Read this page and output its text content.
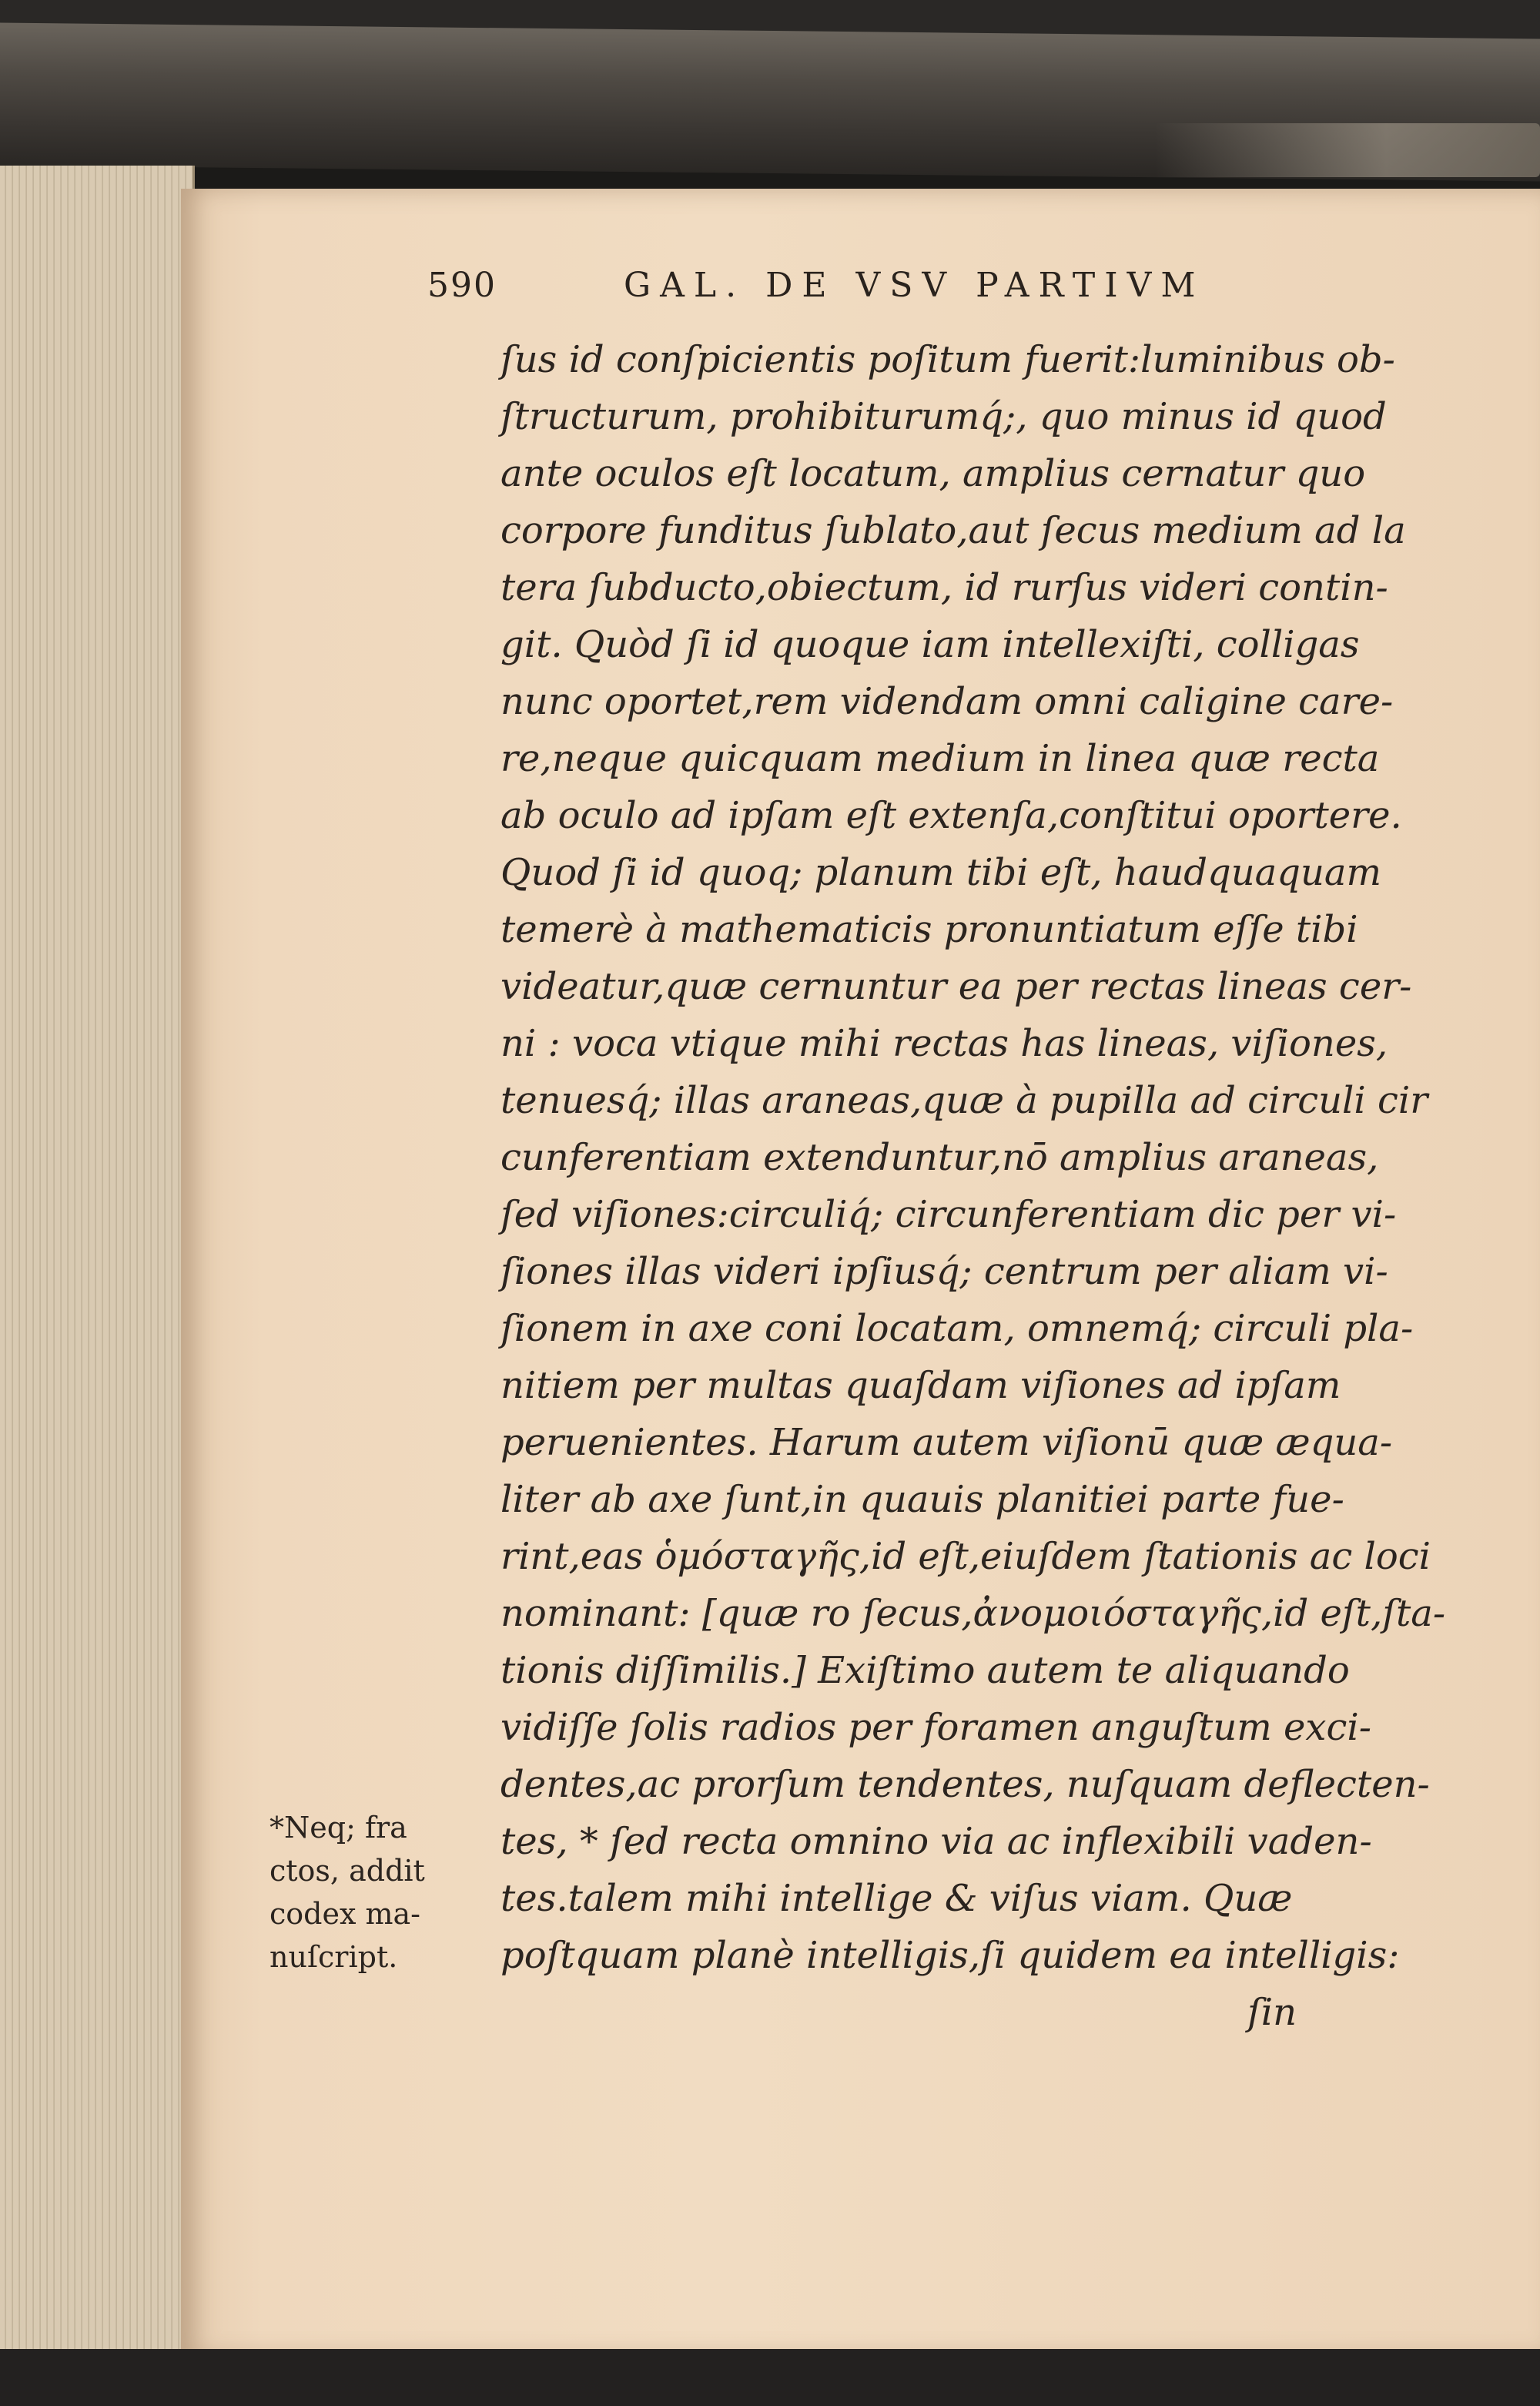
590	GAL. DE VSV PARTIVM
ſus id conſpicientis poſitum fuerit:luminibus ob-
ſtructurum, prohibiturumq́;, quo minus id quod
ante oculos eſt locatum, amplius cernatur quo
corpore funditus ſublato,aut ſecus medium ad la
tera ſubducto,obiectum, id rurſus videri contin-
git. Quòd ſi id quoque iam intellexiſti, colligas
nunc oportet,rem videndam omni caligine care-
re,neque quicquam medium in linea quæ recta
ab oculo ad ipſam eſt extenſa,conſtitui oportere.
Quod ſi id quoq; planum tibi eſt, haudquaquam
temerè à mathematicis pronuntiatum eſſe tibi
videatur,quæ cernuntur ea per rectas lineas cer-
ni : voca vtique mihi rectas has lineas, viſiones,
tenuesq́; illas araneas,quæ à pupilla ad circuli cir
cunferentiam extenduntur,nō amplius araneas,
ſed viſiones:circuliq́; circunferentiam dic per vi-
ſiones illas videri ipſiusq́; centrum per aliam vi-
ſionem in axe coni locatam, omnemq́; circuli pla-
nitiem per multas quaſdam viſiones ad ipſam
peruenientes. Harum autem viſionū quæ æqua-
liter ab axe ſunt,in quauis planitiei parte fue-
rint,eas ὁμόσταγῆς,id eſt,eiuſdem ſtationis ac loci
nominant: [quæ ro ſecus,ἀνομοιόσταγῆς,id eſt,ſta-
tionis diſſimilis.] Exiſtimo autem te aliquando
vidiſſe ſolis radios per foramen anguſtum exci-
dentes,ac prorſum tendentes, nuſquam deflecten-
tes, * ſed recta omnino via ac inflexibili vaden-
tes.talem mihi intellige & viſus viam. Quæ
poſtquam planè intelligis,ſi quidem ea intelligis:
ſin
*Neq; fra
ctos, addit
codex ma-
nuſcript.
